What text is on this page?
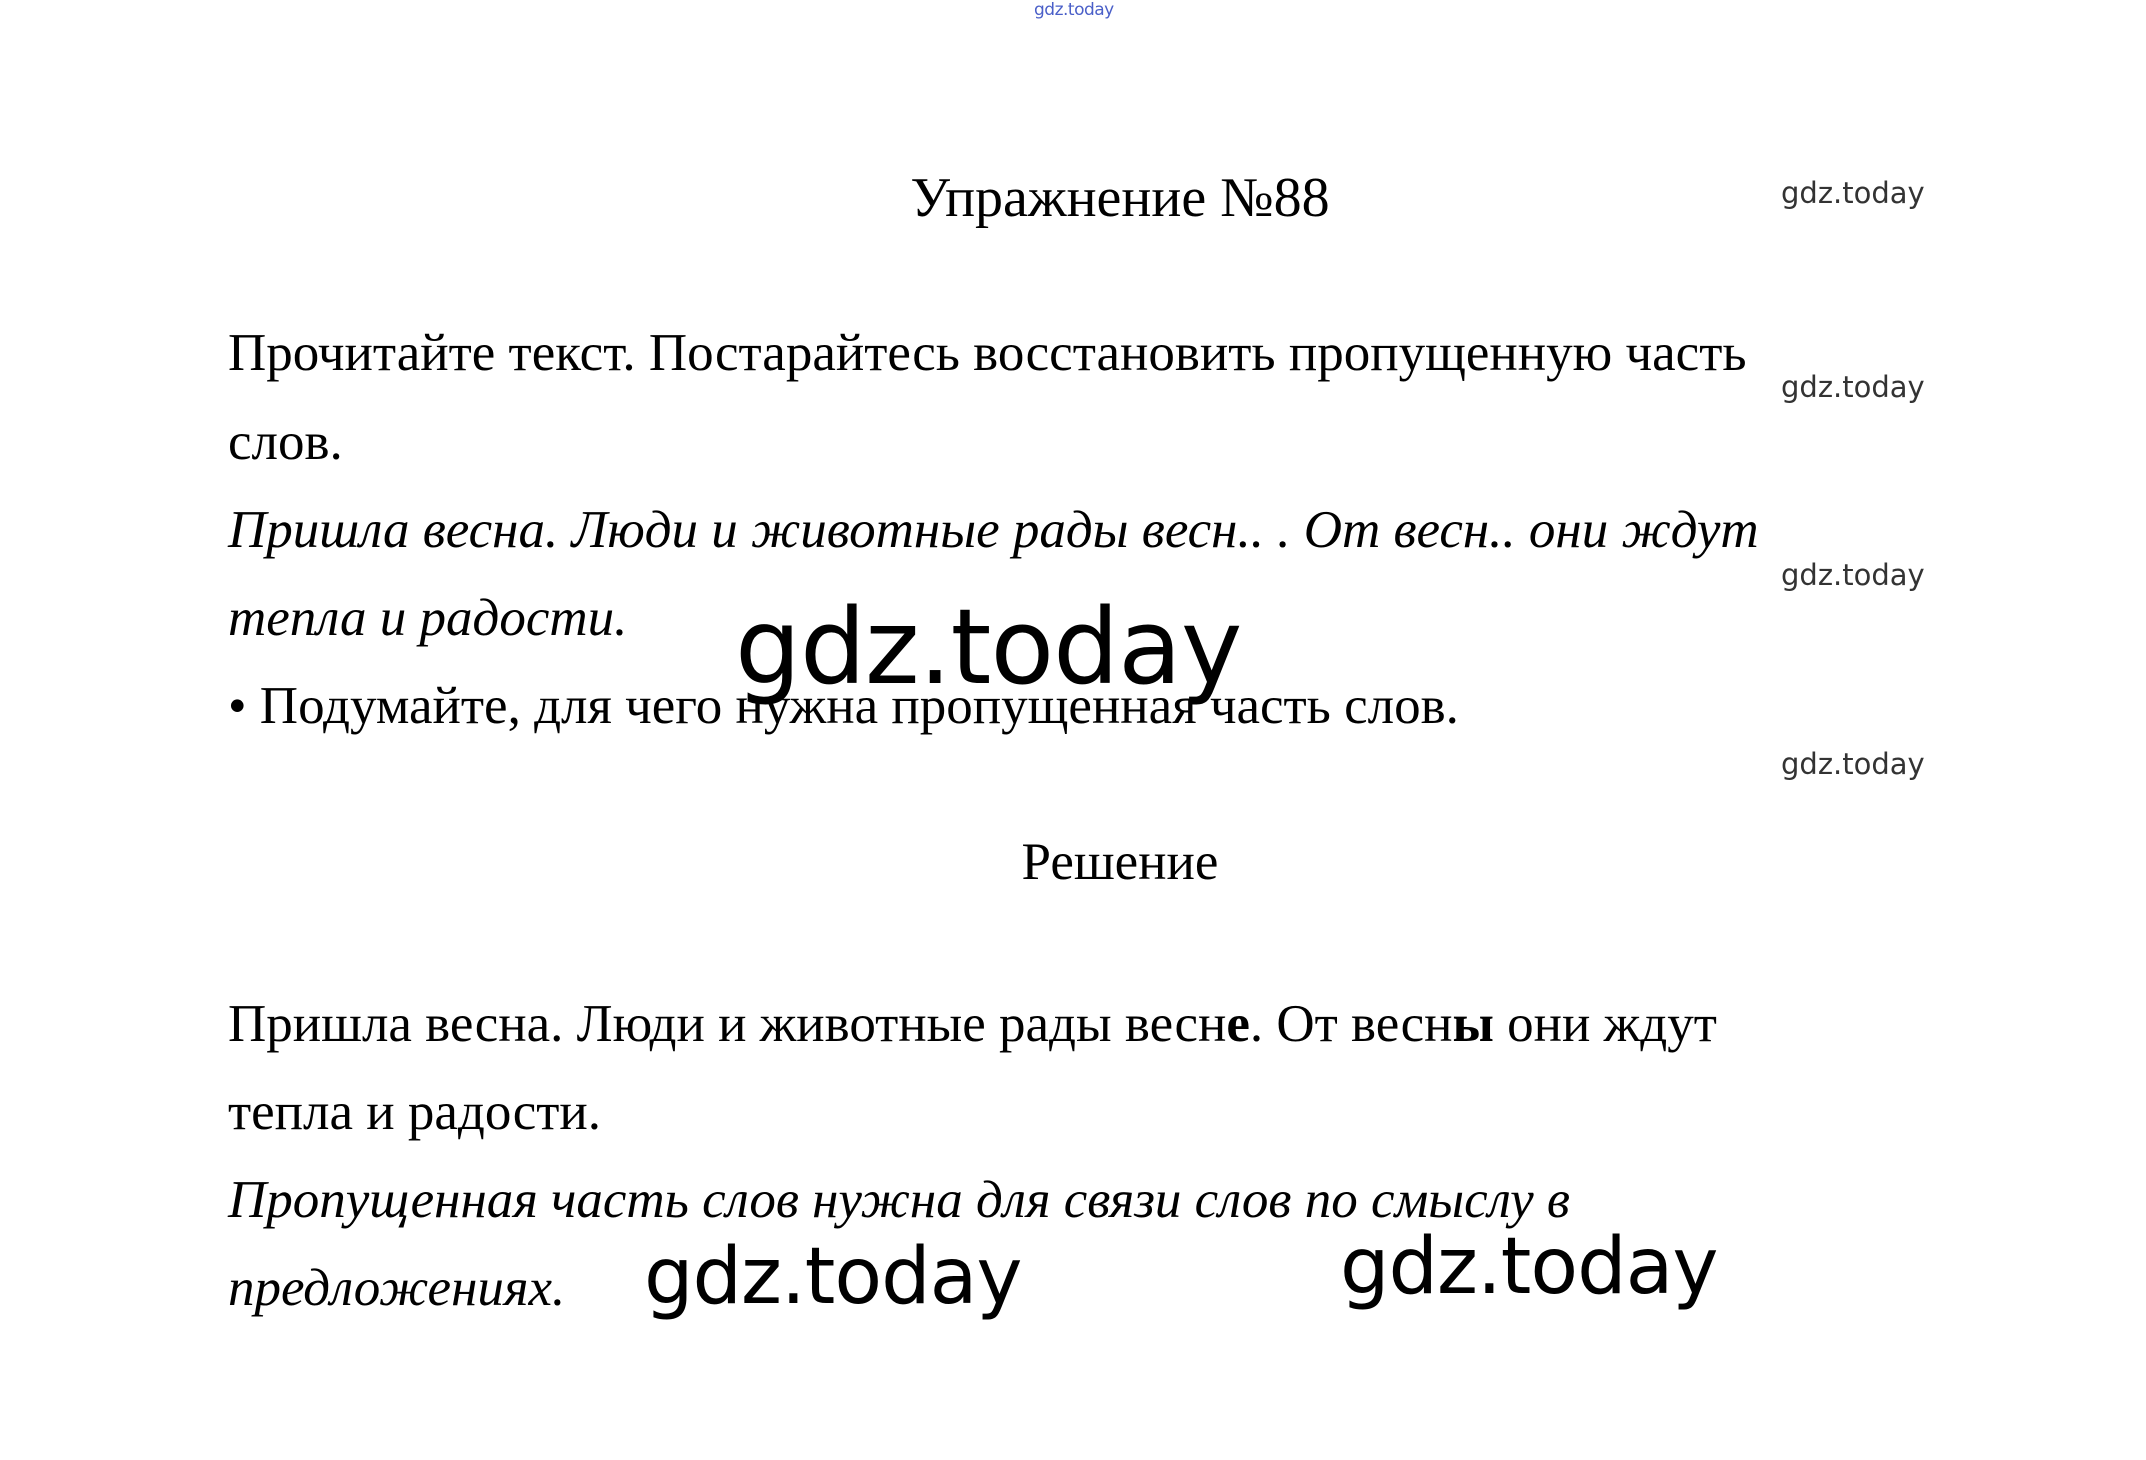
gdz.today
gdz.today
gdz.today
gdz.today
gdz.today
gdz.today
gdz.today	gdz.today
Упражнение №88
Прочитайте текст. Постарайтесь восстановить пропущенную часть
слов.
Пришла весна. Люди и животные рады весн.. . От весн.. они ждут
тепла и радости.
• Подумайте, для чего нужна пропущенная часть слов.
Решение
Пришла весна. Люди и животные рады весне. От весны они ждут
тепла и радости.
Пропущенная часть слов нужна для связи слов по смыслу в
предложениях.
